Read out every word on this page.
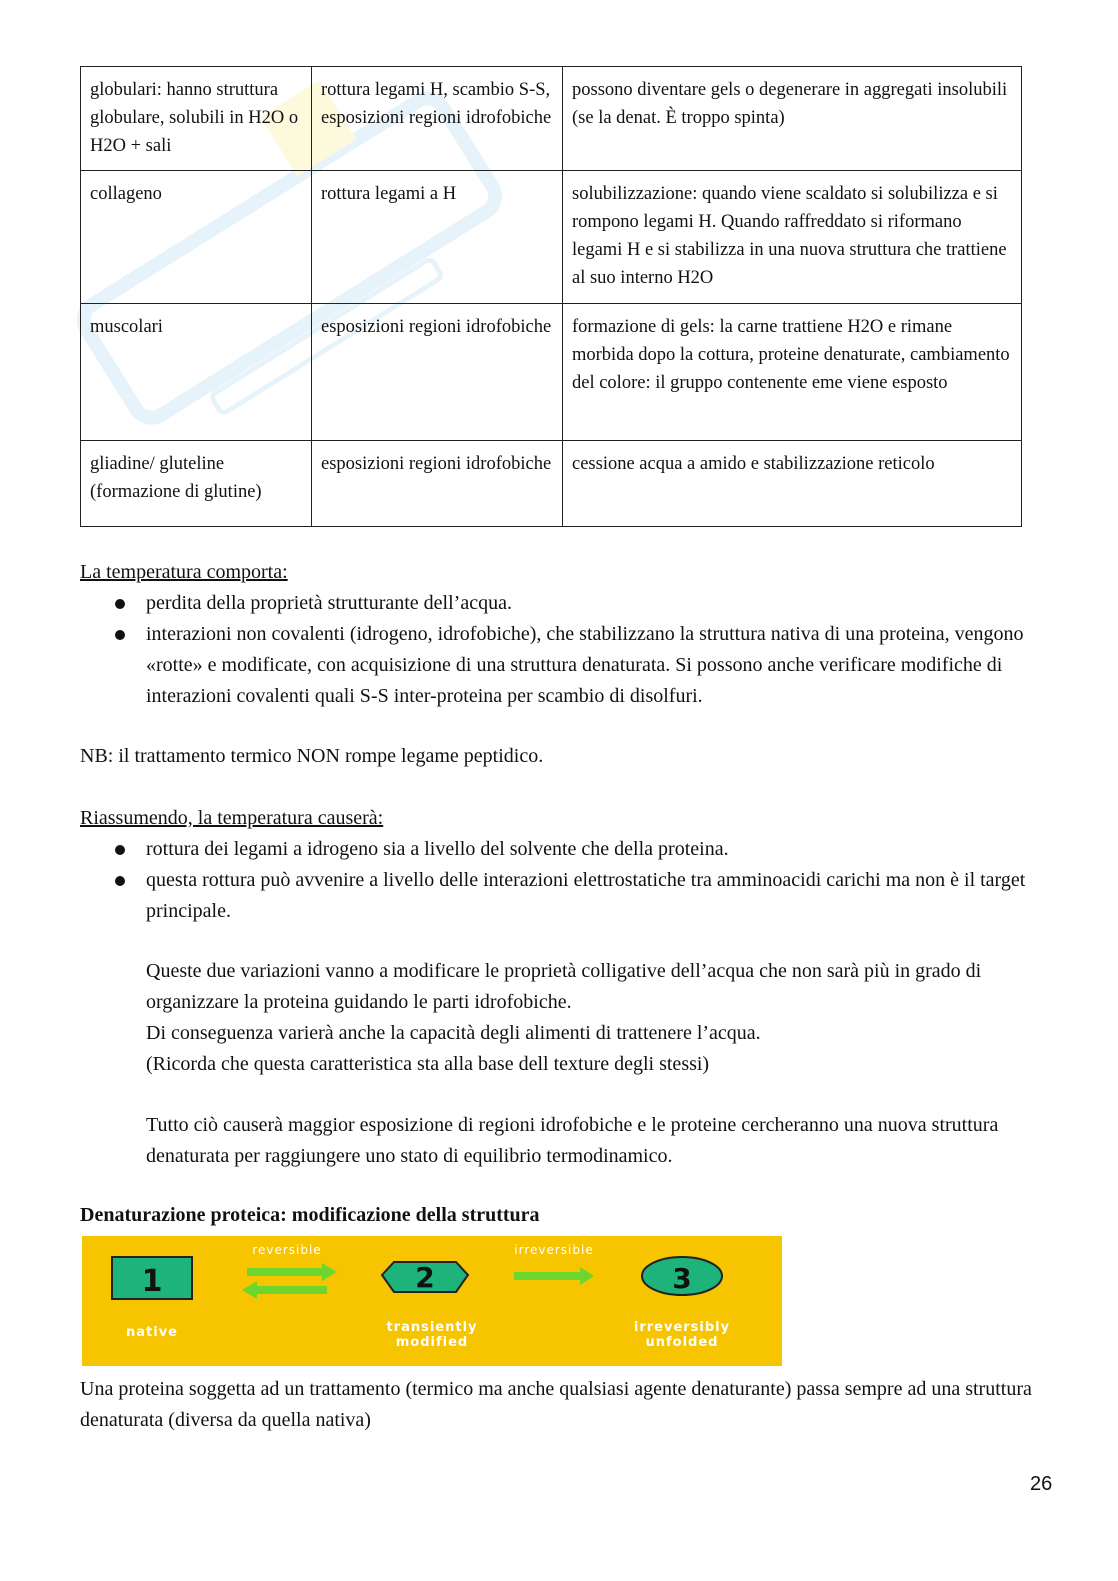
globulari: hanno struttura globulare, solubili in H2O o H2O + sali	rottura legami H, scambio S-S, esposizioni regioni idrofobiche	possono diventare gels o degenerare in aggregati insolubili (se la denat. È troppo spinta)
collageno	rottura legami a H	solubilizzazione: quando viene scaldato si solubilizza e si rompono legami H. Quando raffreddato si riformano legami H e si stabilizza in una nuova struttura che trattiene al suo interno H2O
muscolari	esposizioni regioni idrofobiche	formazione di gels: la carne trattiene H2O e rimane morbida dopo la cottura, proteine denaturate, cambiamento del colore: il gruppo contenente eme viene esposto
gliadine/ gluteline (formazione di glutine)	esposizioni regioni idrofobiche	cessione acqua a amido e stabilizzazione reticolo
La temperatura comporta:
perdita della proprietà strutturante dell’acqua.
interazioni non covalenti (idrogeno, idrofobiche), che stabilizzano la struttura nativa di una proteina, vengono «rotte» e modificate, con acquisizione di una struttura denaturata. Si possono anche verificare modifiche di interazioni covalenti quali S-S inter-proteina per scambio di disolfuri.
NB: il trattamento termico NON rompe legame peptidico.
Riassumendo, la temperatura causerà:
rottura dei legami a idrogeno sia a livello del solvente che della proteina.
questa rottura può avvenire a livello delle interazioni elettrostatiche tra amminoacidi carichi ma non è il target principale.
Queste due variazioni vanno a modificare le proprietà colligative dell’acqua che non sarà più in grado di organizzare la proteina guidando le parti idrofobiche.
Di conseguenza varierà anche la capacità degli alimenti di trattenere l’acqua.
(Ricorda che questa caratteristica sta alla base dell texture degli stessi)
Tutto ciò causerà maggior esposizione di regioni idrofobiche e le proteine cercheranno una nuova struttura denaturata per raggiungere uno stato di equilibrio termodinamico.
Denaturazione proteica: modificazione della struttura
1
native
reversible
2
transiently
modified
irreversible
3
irreversibly
unfolded
Una proteina soggetta ad un trattamento (termico ma anche qualsiasi agente denaturante) passa sempre ad una struttura denaturata (diversa da quella nativa)
26
